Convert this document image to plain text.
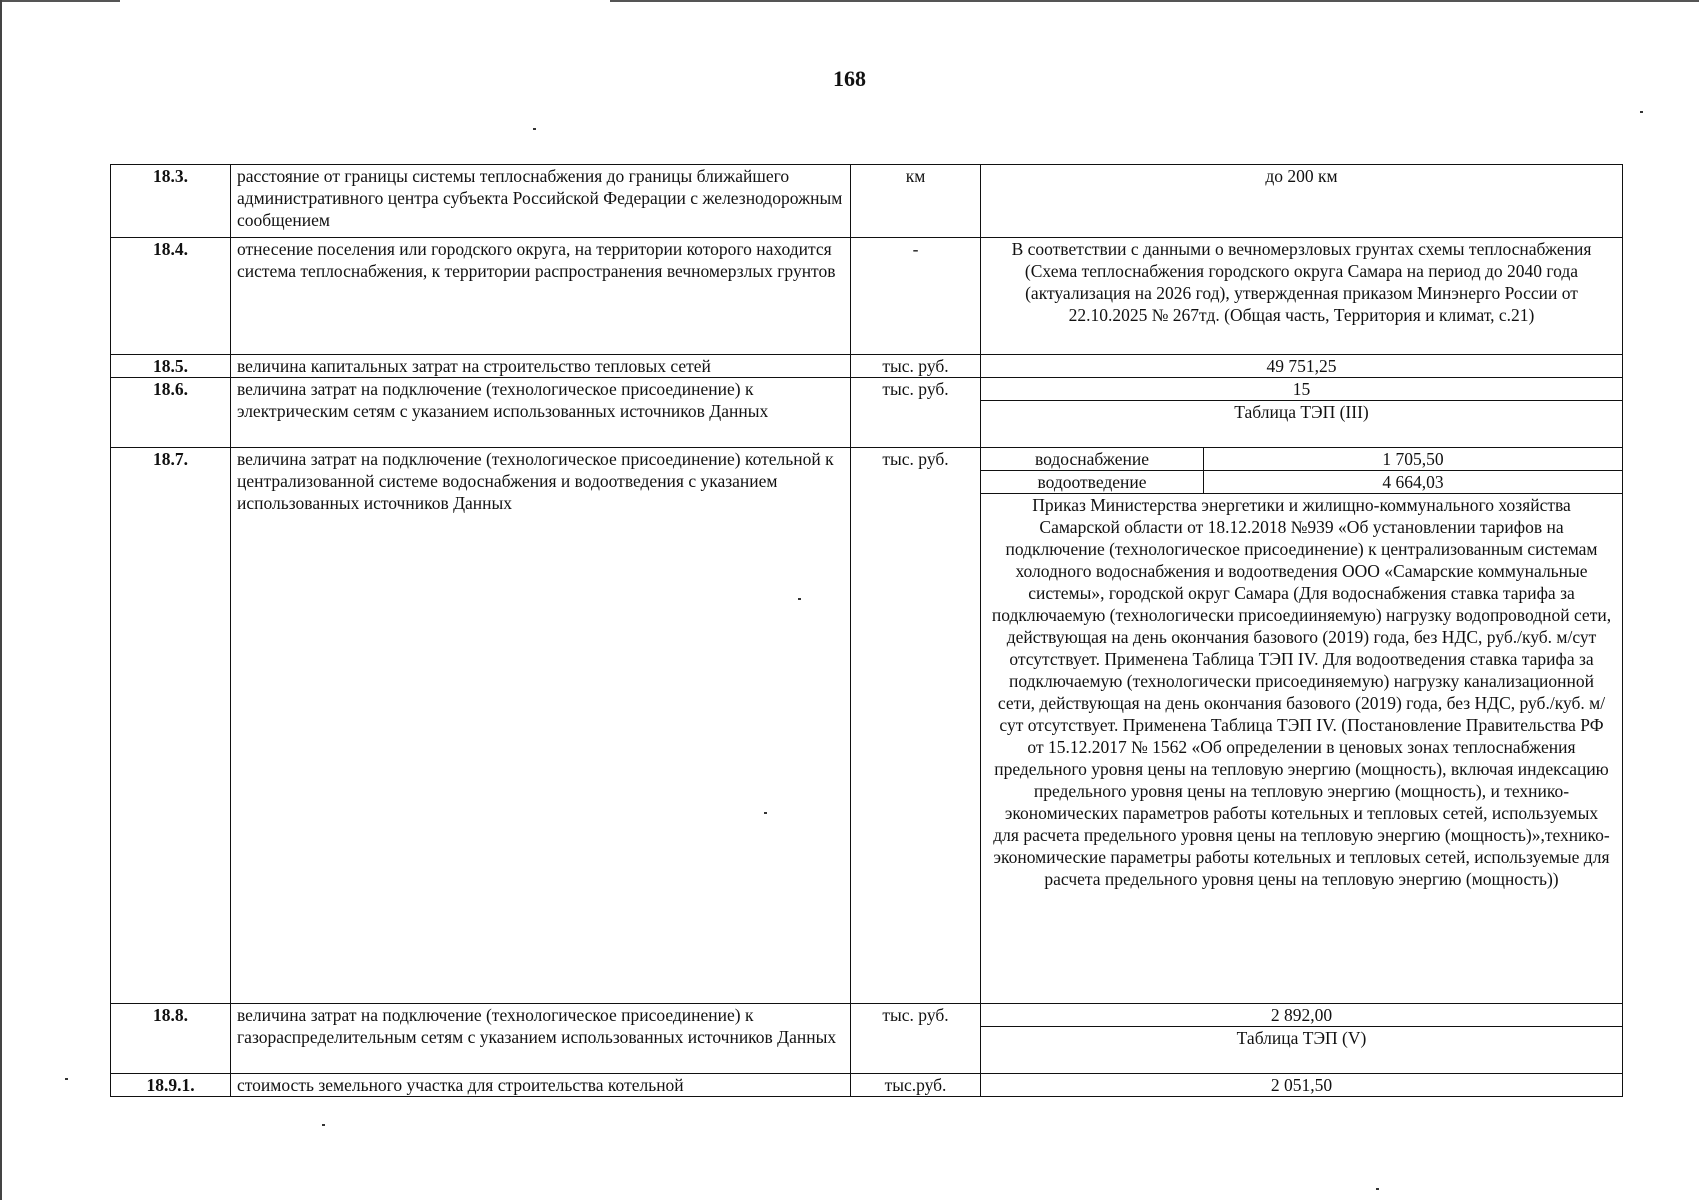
168
18.3.	расстояние от границы системы теплоснабжения до границы ближайшего административного центра субъекта Российской Федерации с железнодорожным сообщением	км	до 200 км
18.4.	отнесение поселения или городского округа, на территории которого находится система теплоснабжения, к территории распространения вечномерзлых грунтов	-	В соответствии с данными о вечномерзловых грунтах схемы теплоснабжения (Схема теплоснабжения городского округа Самара на период до 2040 года (актуализация на 2026 год), утвержденная приказом Минэнерго России от 22.10.2025 № 267тд. (Общая часть, Территория и климат, с.21)
18.5.	величина капитальных затрат на строительство тепловых сетей	тыс. руб.	49 751,25
18.6.	величина затрат на подключение (технологическое присоединение) к электрическим сетям с указанием использованных источников Данных	тыс. руб.	15
Таблица ТЭП (III)

18.7.	величина затрат на подключение (технологическое присоединение) котельной к централизованной системе водоснабжения и водоотведения с указанием использованных источников Данных	тыс. руб.		водоснабжение	1 705,50
водоотведение	4 664,03
Приказ Министерства энергетики и жилищно-коммунального хозяйства Самарской области от 18.12.2018 №939 «Об установлении тарифов на подключение (технологическое присоединение) к централизованным системам холодного водоснабжения и водоотведения ООО «Самарские коммунальные системы», городской округ Самара (Для водоснабжения ставка тарифа за подключаемую (технологически присоедииняемую) нагрузку водопроводной сети, действующая на день окончания базового (2019) года, без НДС, руб./куб. м/сут отсутствует. Применена Таблица ТЭП IV. Для водоотведения ставка тарифа за подключаемую (технологически присоединяемую) нагрузку канализационной сети, действующая на день окончания базового (2019) года, без НДС, руб./куб. м/сут отсутствует. Применена Таблица ТЭП IV. (Постановление Правительства РФ от 15.12.2017 № 1562 «Об определении в ценовых зонах теплоснабжения предельного уровня цены на тепловую энергию (мощность), включая индексацию предельного уровня цены на тепловую энергию (мощность), и технико-экономических параметров работы котельных и тепловых сетей, используемых для расчета предельного уровня цены на тепловую энергию (мощность)»,технико-экономические параметры работы котельных и тепловых сетей, используемые для расчета предельного уровня цены на тепловую энергию (мощность))

18.8.	величина затрат на подключение (технологическое присоединение) к газораспределительным сетям с указанием использованных источников Данных	тыс. руб.	2 892,00
Таблица ТЭП (V)

18.9.1.	стоимость земельного участка для строительства котельной	тыс.руб.	2 051,50
